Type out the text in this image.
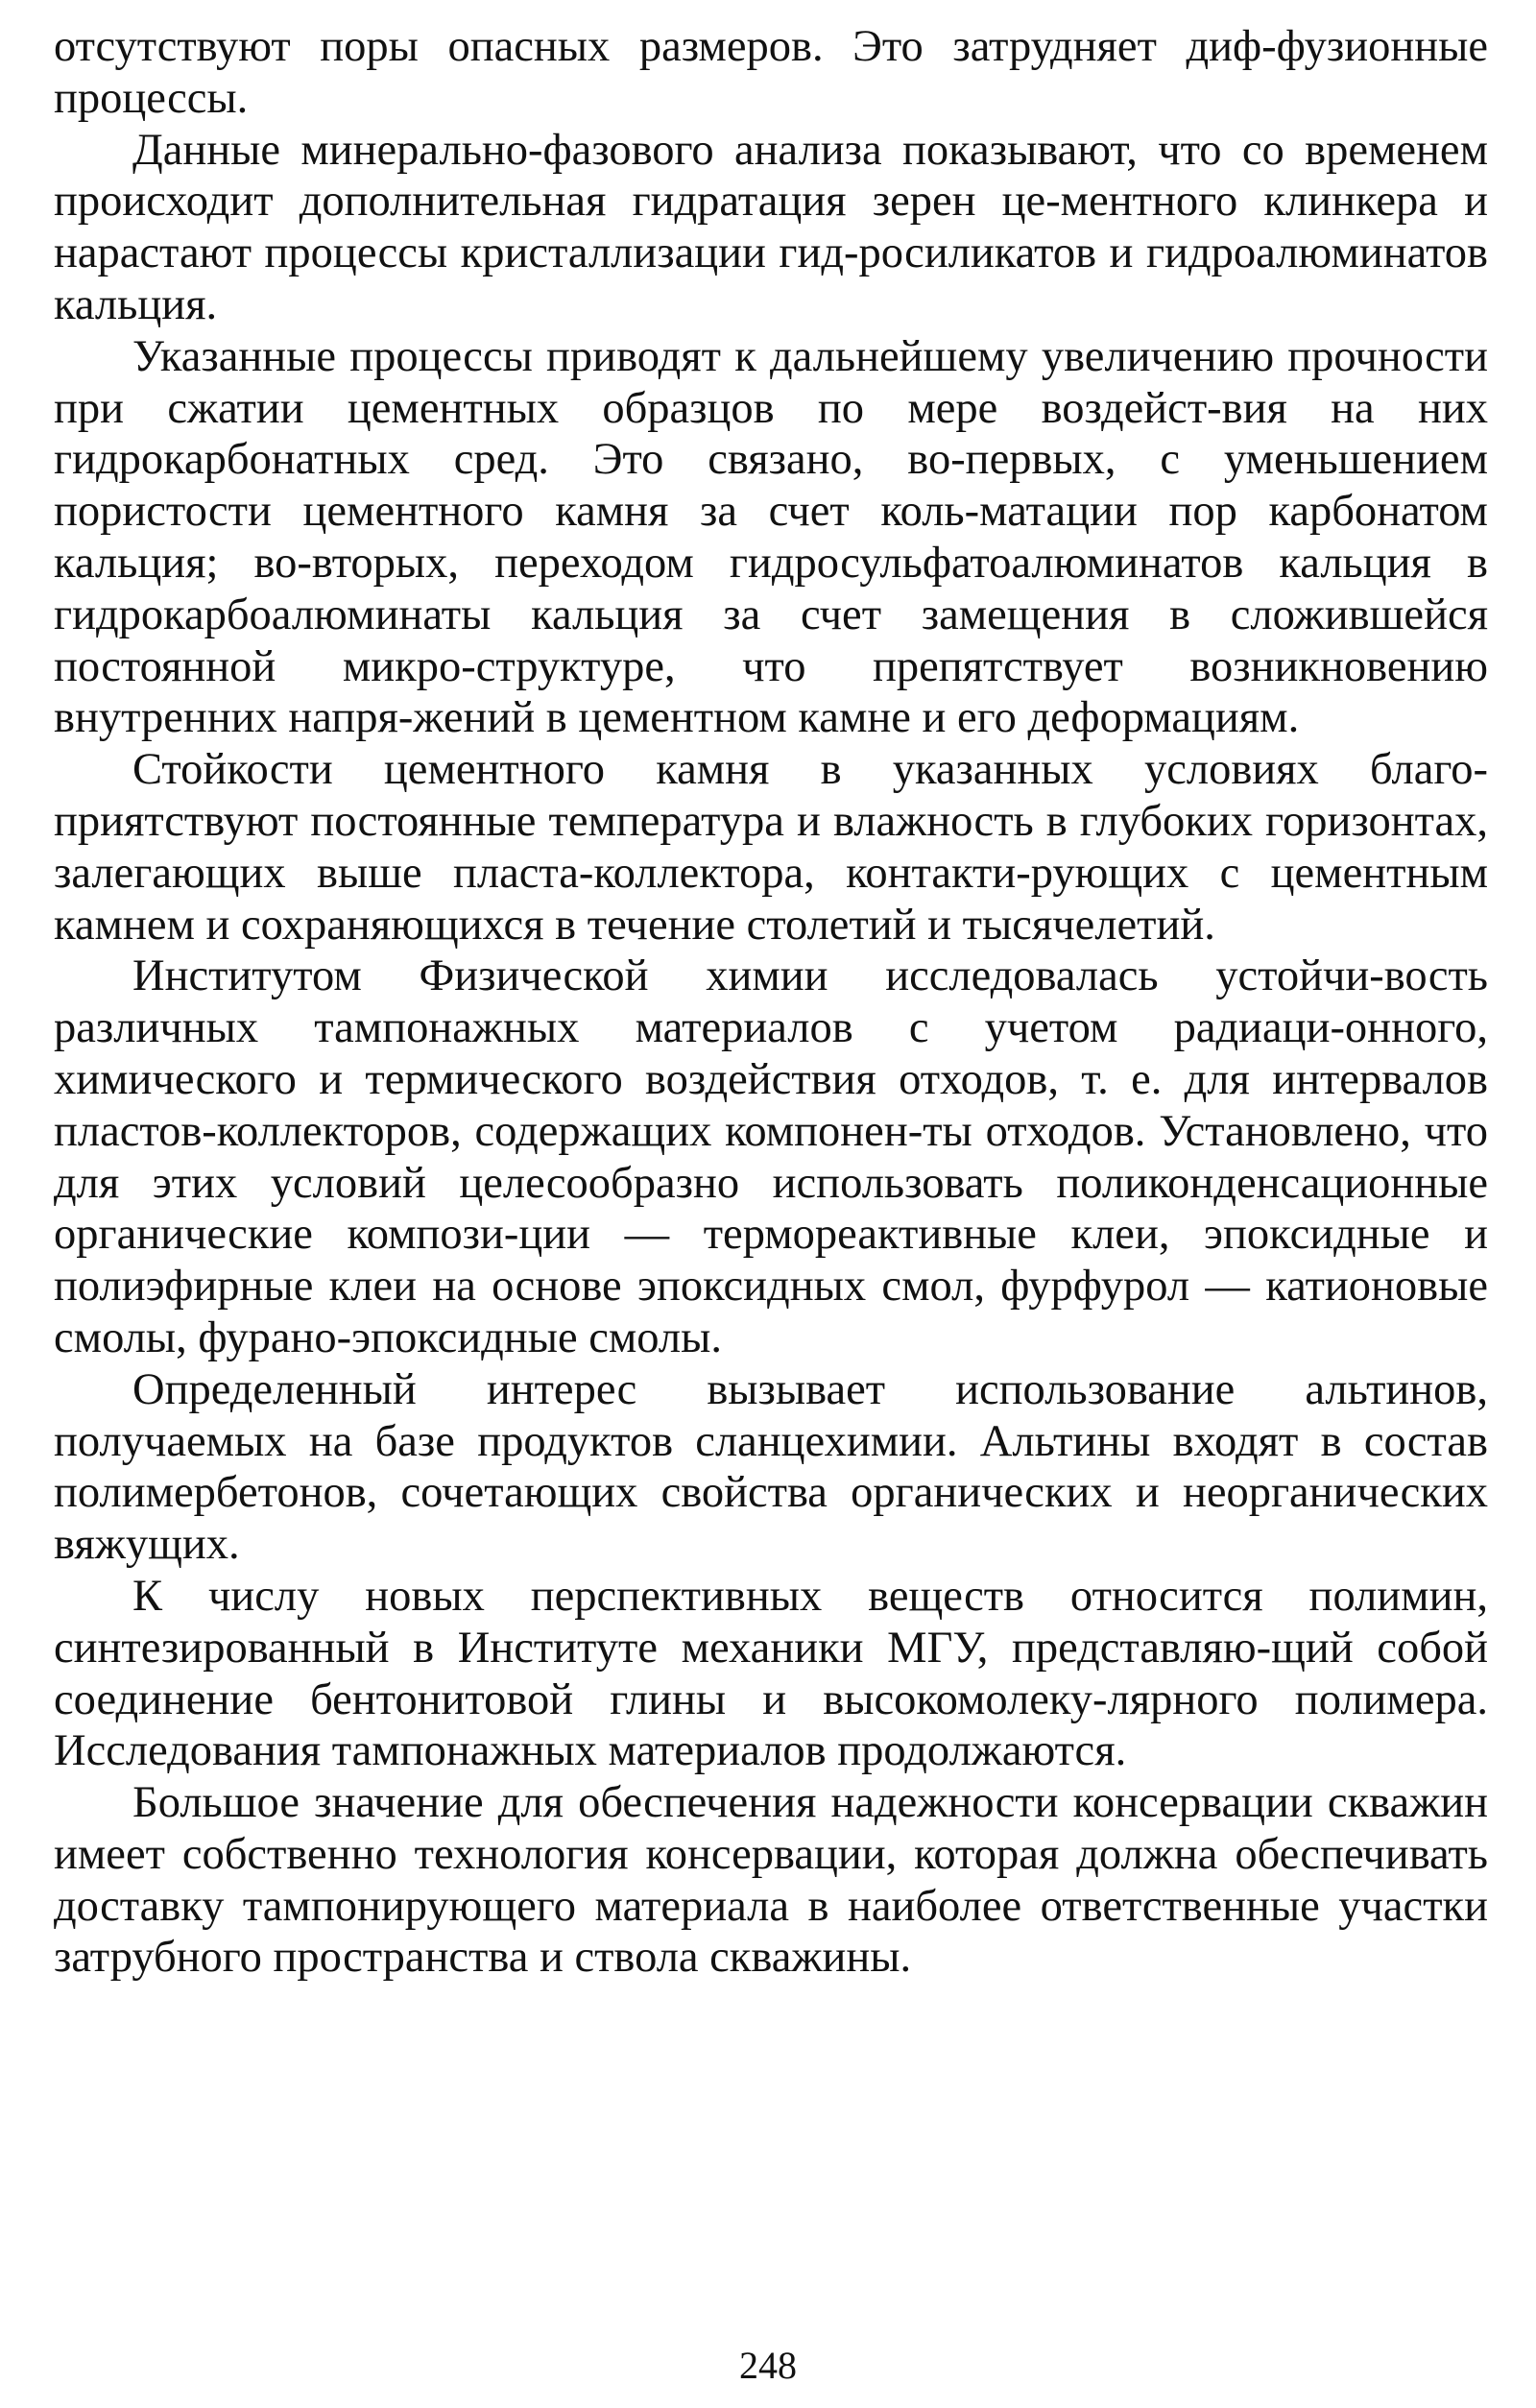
отсутствуют поры опасных размеров. Это затрудняет диф-фузионные процессы.

Данные минерально-фазового анализа показывают, что со временем происходит дополнительная гидратация зерен це-ментного клинкера и нарастают процессы кристаллизации гид-росиликатов и гидроалюминатов кальция.

Указанные процессы приводят к дальнейшему увеличению прочности при сжатии цементных образцов по мере воздейст-вия на них гидрокарбонатных сред. Это связано, во-первых, с уменьшением пористости цементного камня за счет коль-матации пор карбонатом кальция; во-вторых, переходом гидросульфатоалюминатов кальция в гидрокарбоалюминаты кальция за счет замещения в сложившейся постоянной микро-структуре, что препятствует возникновению внутренних напря-жений в цементном камне и его деформациям.

Стойкости цементного камня в указанных условиях благо-приятствуют постоянные температура и влажность в глубоких горизонтах, залегающих выше пласта-коллектора, контакти-рующих с цементным камнем и сохраняющихся в течение столетий и тысячелетий.

Институтом Физической химии исследовалась устойчи-вость различных тампонажных материалов с учетом радиаци-онного, химического и термического воздействия отходов, т. е. для интервалов пластов-коллекторов, содержащих компонен-ты отходов. Установлено, что для этих условий целесообразно использовать поликонденсационные органические компози-ции — термореактивные клеи, эпоксидные и полиэфирные клеи на основе эпоксидных смол, фурфурол — катионовые смолы, фурано-эпоксидные смолы.

Определенный интерес вызывает использование альтинов, получаемых на базе продуктов сланцехимии. Альтины входят в состав полимербетонов, сочетающих свойства органических и неорганических вяжущих.

К числу новых перспективных веществ относится полимин, синтезированный в Институте механики МГУ, представляю-щий собой соединение бентонитовой глины и высокомолеку-лярного полимера. Исследования тампонажных материалов продолжаются.

Большое значение для обеспечения надежности консервации скважин имеет собственно технология консервации, которая должна обеспечивать доставку тампонирующего материала в наиболее ответственные участки затрубного пространства и ствола скважины.

248
